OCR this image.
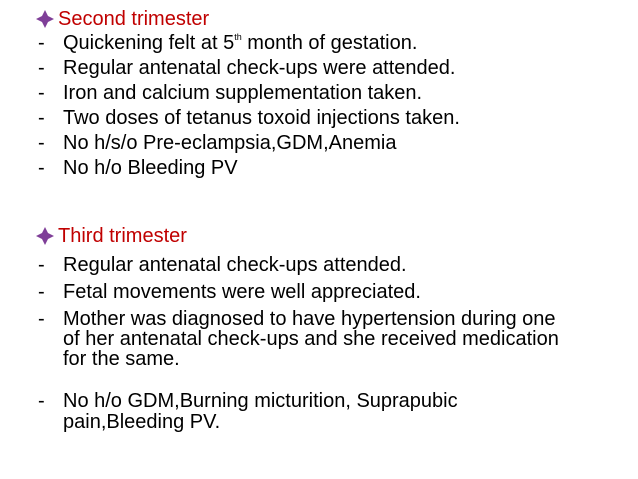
Second trimester
- Quickening felt at 5th month of gestation.
- Regular antenatal check-ups were attended.
- Iron and calcium supplementation taken.
- Two doses of tetanus toxoid injections taken.
- No h/s/o Pre-eclampsia,GDM,Anemia
- No h/o Bleeding PV
Third trimester
- Regular antenatal check-ups attended.
- Fetal movements were well appreciated.
- Mother was diagnosed to have hypertension during one
of her antenatal check-ups and she received medication
for the same.
- No h/o GDM,Burning micturition, Suprapubic
pain,Bleeding PV.
